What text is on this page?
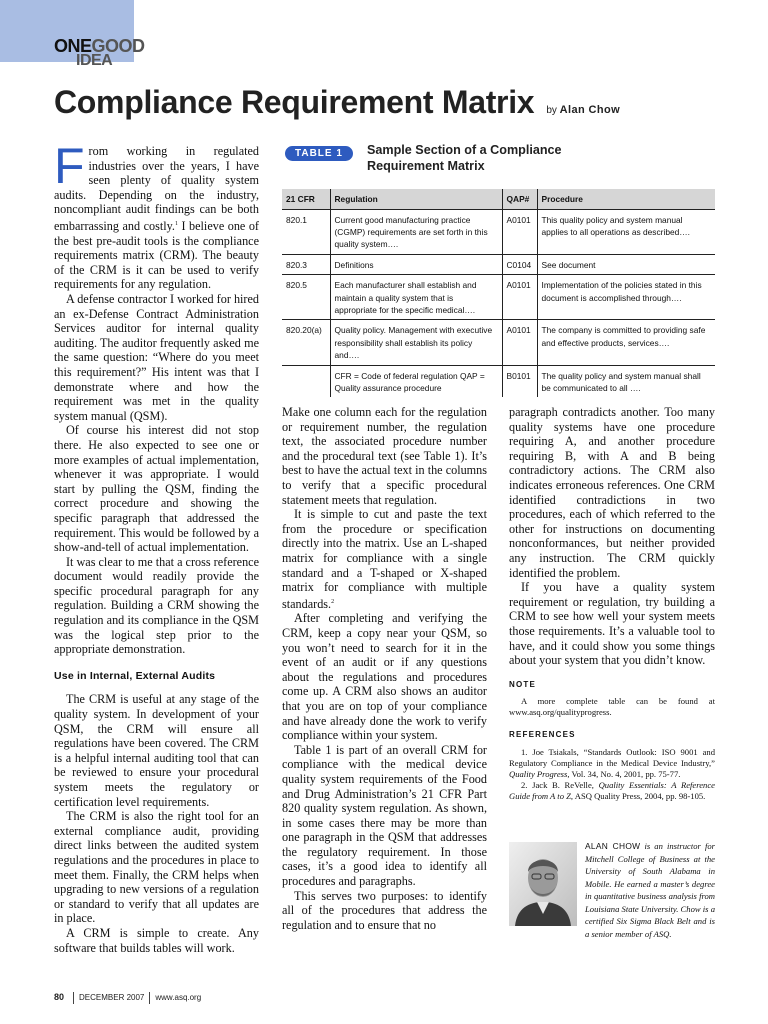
ONEGOOD
IDEA
Compliance Requirement Matrix by Alan Chow

From working in regulated industries over the years, I have seen plenty of quality system audits. Depending on the industry, noncompliant audit findings can be both embarrassing and costly.$^1$ I believe one of the best pre-audit tools is the compliance requirements matrix (CRM). The beauty of the CRM is it can be used to verify requirements for any regulation.

A defense contractor I worked for hired an ex-Defense Contract Administration Services auditor for internal quality auditing. The auditor frequently asked me the same question: “Where do you meet this requirement?” His intent was that I demonstrate where and how the requirement was met in the quality system manual (QSM).

Of course his interest did not stop there. He also expected to see one or more examples of actual implementation, whenever it was appropriate. I would start by pulling the QSM, finding the correct procedure and showing the specific paragraph that addressed the requirement. This would be followed by a show-and-tell of actual implementation.

It was clear to me that a cross reference document would readily provide the specific procedural paragraph for any regulation. Building a CRM showing the regulation and its compliance in the QSM was the logical step prior to the appropriate demonstration.

Use in Internal, External Audits

The CRM is useful at any stage of the quality system. In development of your QSM, the CRM will ensure all regulations have been covered. The CRM is a helpful internal auditing tool that can be reviewed to ensure your procedural system meets the regulatory or certification level requirements.

The CRM is also the right tool for an external compliance audit, providing direct links between the audited system regulations and the procedures in place to meet them. Finally, the CRM helps when upgrading to new versions of a regulation or standard to verify that all updates are in place.

A CRM is simple to create. Any software that builds tables will work.

TABLE 1	Sample Section of a Compliance Requirement Matrix
21 CFR	Regulation	QAP#	Procedure
820.1	Current good manufacturing practice (CGMP) requirements are set forth in this quality system….	A0101	This quality policy and system manual applies to all operations as described….
820.3	Definitions	C0104	See document
820.5	Each manufacturer shall establish and maintain a quality system that is appropriate for the specific medical….	A0101	Implementation of the policies stated in this document is accomplished through….
820.20(a)	Quality policy. Management with executive responsibility shall establish its policy and….	A0101	The company is committed to providing safe and effective products, services….
	CFR = Code of federal regulation QAP = Quality assurance procedure	B0101	The quality policy and system manual shall be communicated to all ….

Make one column each for the regulation or requirement number, the regulation text, the associated procedure number and the procedural text (see Table 1). It’s best to have the actual text in the columns to verify that a specific procedural statement meets that regulation.

It is simple to cut and paste the text from the procedure or specification directly into the matrix. Use an L-shaped matrix for compliance with a single standard and a T-shaped or X-shaped matrix for compliance with multiple standards.$^2$

After completing and verifying the CRM, keep a copy near your QSM, so you won’t need to search for it in the event of an audit or if any questions about the regulations and procedures come up. A CRM also shows an auditor that you are on top of your compliance and have already done the work to verify compliance within your system.

Table 1 is part of an overall CRM for compliance with the medical device quality system requirements of the Food and Drug Administration’s 21 CFR Part 820 quality system regulation. As shown, in some cases there may be more than one paragraph in the QSM that addresses the regulatory requirement. In those cases, it’s a good idea to identify all procedures and paragraphs.

This serves two purposes: to identify all of the procedures that address the regulation and to ensure that no

paragraph contradicts another. Too many quality systems have one procedure requiring A, and another procedure requiring B, with A and B being contradictory actions. The CRM also indicates erroneous references. One CRM identified contradictions in two procedures, each of which referred to the other for instructions on documenting nonconformances, but neither provided any instruction. The CRM quickly identified the problem.

If you have a quality system requirement or regulation, try building a CRM to see how well your system meets those requirements. It’s a valuable tool to have, and it could show you some things about your system that you didn’t know.

NOTE

A more complete table can be found at www.asq.org/qualityprogress.

REFERENCES

1. Joe Tsiakals, “Standards Outlook: ISO 9001 and Regulatory Compliance in the Medical Device Industry,” Quality Progress, Vol. 34, No. 4, 2001, pp. 75-77.

2. Jack B. ReVelle, Quality Essentials: A Reference Guide from A to Z, ASQ Quality Press, 2004, pp. 98-105.

ALAN CHOW is an instructor for Mitchell College of Business at the University of South Alabama in Mobile. He earned a master’s degree in quantitative business analysis from Louisiana State University. Chow is a certified Six Sigma Black Belt and is a senior member of ASQ.

80 DECEMBER 2007 www.asq.org
